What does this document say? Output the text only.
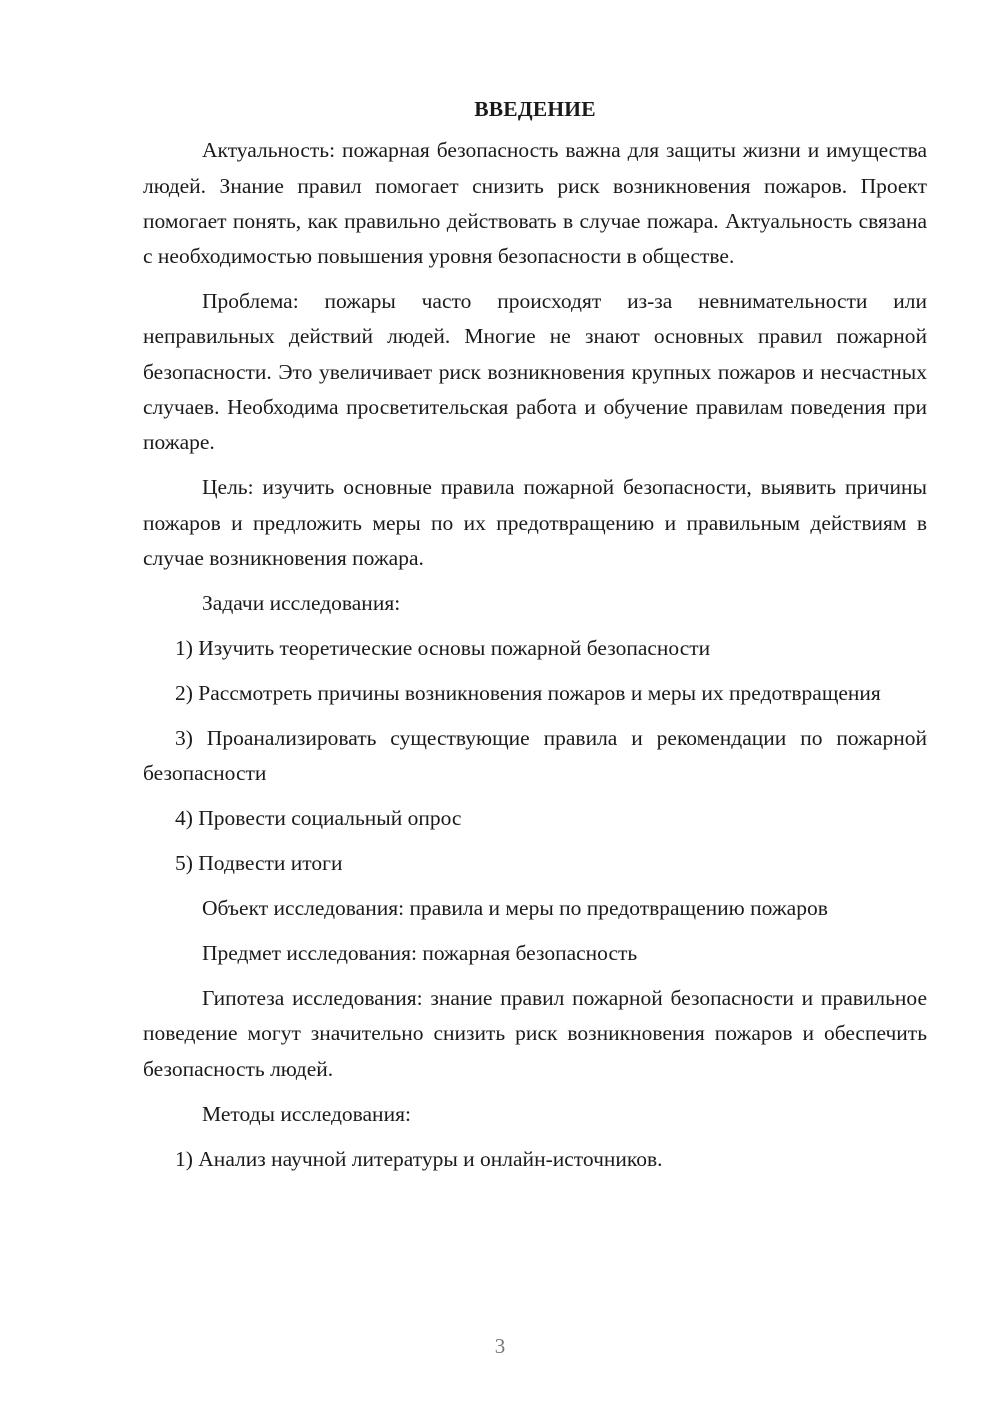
ВВЕДЕНИЕ

Актуальность: пожарная безопасность важна для защиты жизни и имущества людей. Знание правил помогает снизить риск возникновения пожаров. Проект помогает понять, как правильно действовать в случае пожара. Актуальность связана с необходимостью повышения уровня безопасности в обществе.

Проблема: пожары часто происходят из-за невнимательности или неправильных действий людей. Многие не знают основных правил пожарной безопасности. Это увеличивает риск возникновения крупных пожаров и несчастных случаев. Необходима просветительская работа и обучение правилам поведения при пожаре.

Цель: изучить основные правила пожарной безопасности, выявить причины пожаров и предложить меры по их предотвращению и правильным действиям в случае возникновения пожара.

Задачи исследования:

1) Изучить теоретические основы пожарной безопасности

2) Рассмотреть причины возникновения пожаров и меры их предотвращения

3) Проанализировать существующие правила и рекомендации по пожарной безопасности

4) Провести социальный опрос

5) Подвести итоги

Объект исследования: правила и меры по предотвращению пожаров

Предмет исследования: пожарная безопасность

Гипотеза исследования: знание правил пожарной безопасности и правильное поведение могут значительно снизить риск возникновения пожаров и обеспечить безопасность людей.

Методы исследования:

1) Анализ научной литературы и онлайн-источников.

3
